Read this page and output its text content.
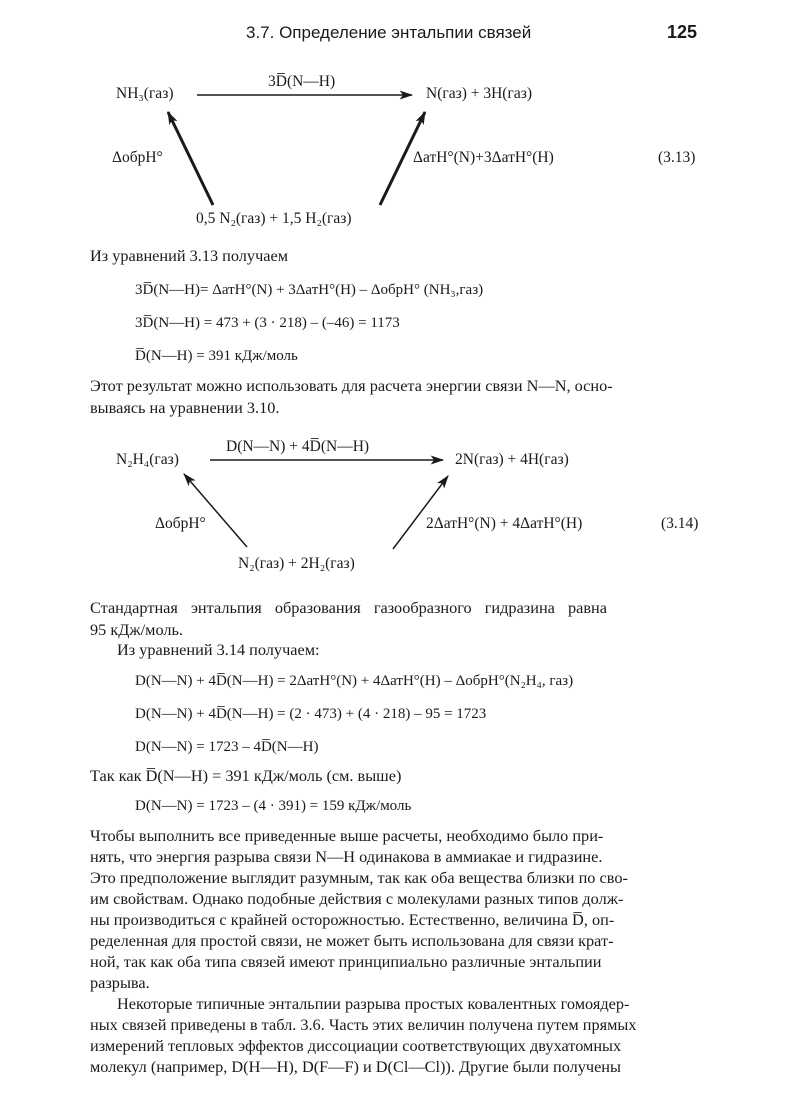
3.7. Определение энтальпии связей	125
NH₃(газ)
3D̅(N—H)
N(газ) + 3H(газ)
ΔобрH°	ΔатH°(N)+3ΔатH°(H)	(3.13)
0,5 N₂(газ) + 1,5 H₂(газ)
Из уравнений 3.13 получаем
3D̅(N—H)= ΔатH°(N) + 3ΔатH°(H) – ΔобрH° (NH₃,газ)
3D̅(N—H) = 473 + (3 · 218) – (–46) = 1173
D̅(N—H) = 391 кДж/моль
Этот результат можно использовать для расчета энергии связи N—N, осно-
вываясь на уравнении 3.10.
N₂H₄(газ)
D(N—N) + 4D̅(N—H)
2N(газ) + 4H(газ)
ΔобрH°	2ΔатH°(N) + 4ΔатH°(H)	(3.14)
N₂(газ) + 2H₂(газ)
Стандартная энтальпия образования газообразного гидразина равна
95 кДж/моль.
Из уравнений 3.14 получаем:
D(N—N) + 4D̅(N—H) = 2ΔатH°(N) + 4ΔатH°(H) – ΔобрH°(N₂H₄, газ)
D(N—N) + 4D̅(N—H) = (2 · 473) + (4 · 218) – 95 = 1723
D(N—N) = 1723 – 4D̅(N—H)
Так как D̅(N—H) = 391 кДж/моль (см. выше)
D(N—N) = 1723 – (4 · 391) = 159 кДж/моль
Чтобы выполнить все приведенные выше расчеты, необходимо было при-
нять, что энергия разрыва связи N—H одинакова в аммиакае и гидразине.
Это предположение выглядит разумным, так как оба вещества близки по сво-
им свойствам. Однако подобные действия с молекулами разных типов долж-
ны производиться с крайней осторожностью. Естественно, величина D̅, оп-
ределенная для простой связи, не может быть использована для связи крат-
ной, так как оба типа связей имеют принципиально различные энтальпии
разрыва.
Некоторые типичные энтальпии разрыва простых ковалентных гомоядер-
ных связей приведены в табл. 3.6. Часть этих величин получена путем прямых
измерений тепловых эффектов диссоциации соответствующих двухатомных
молекул (например, D(H—H), D(F—F) и D(Cl—Cl)). Другие были получены
